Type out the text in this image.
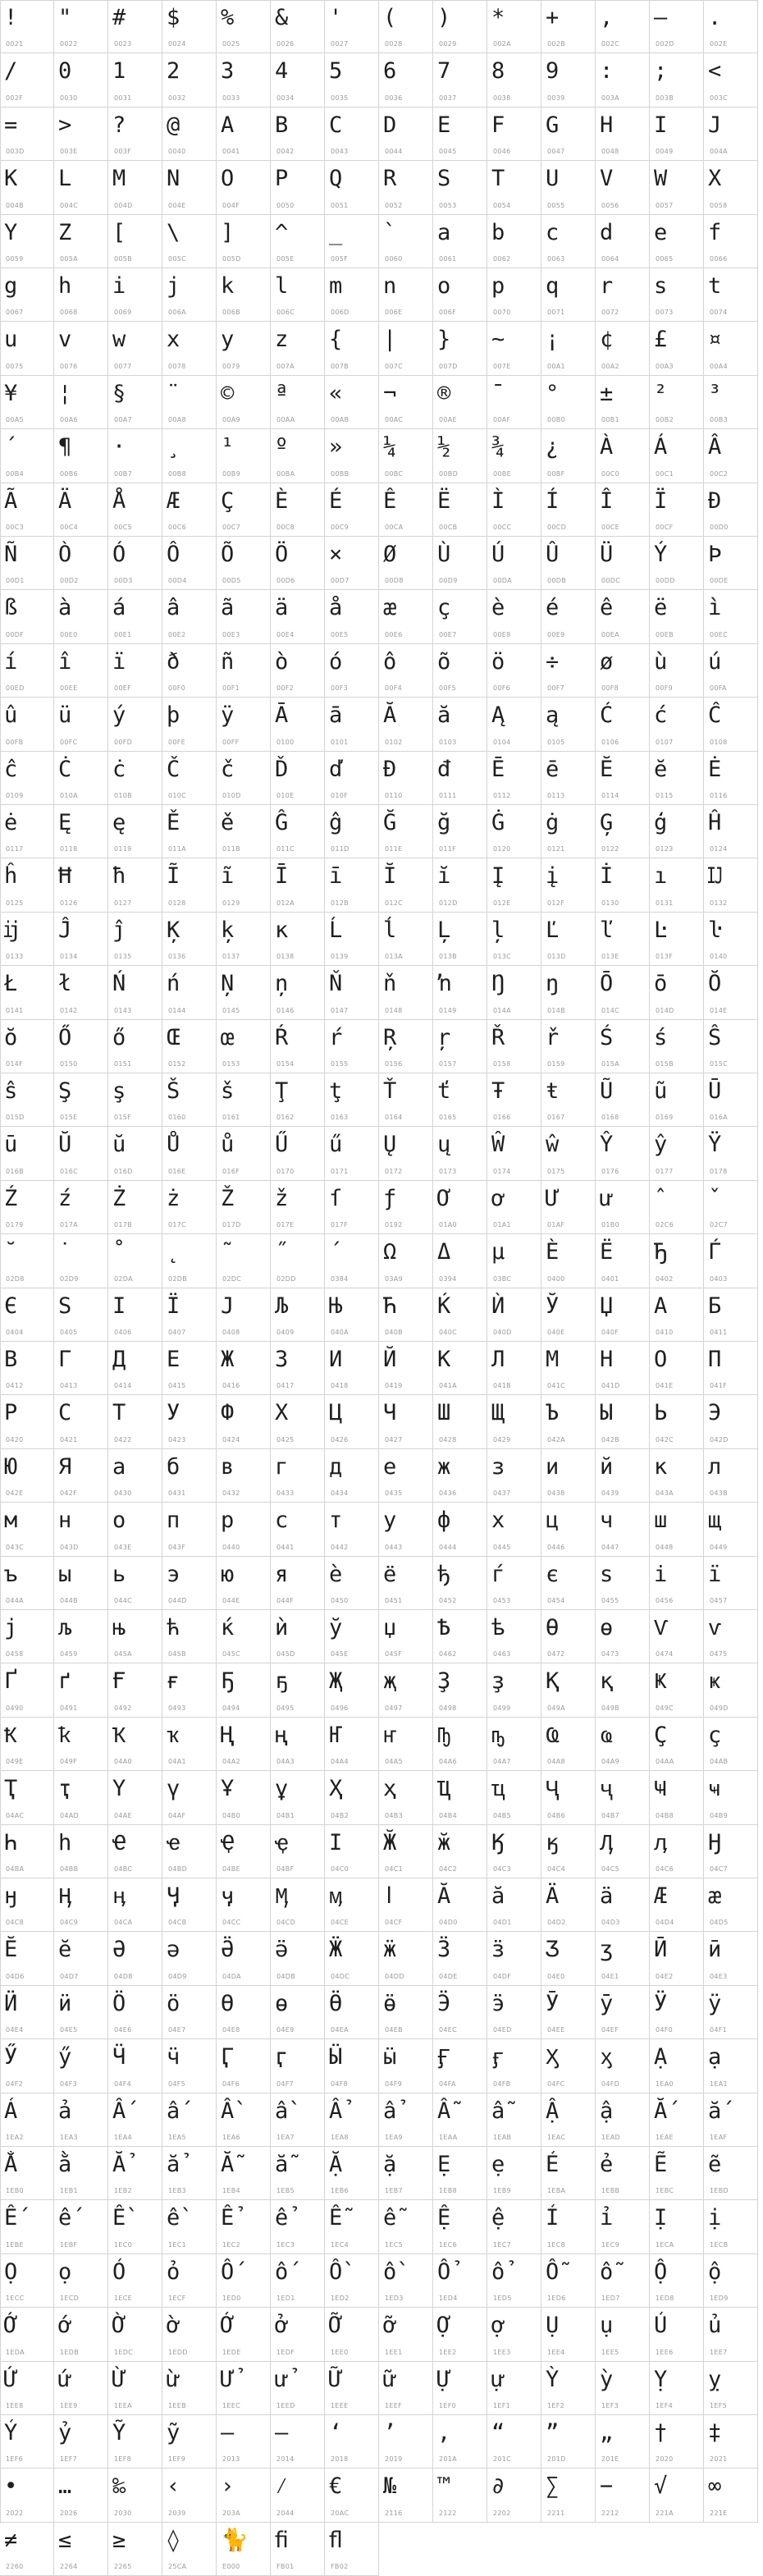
!
0021
"
0022
#
0023
$
0024
%
0025
&
0026
'
0027
(
0028
)
0029
*
002A
+
002B
,
002C
–
002D
.
002E
/
002F
0
0030
1
0031
2
0032
3
0033
4
0034
5
0035
6
0036
7
0037
8
0038
9
0039
:
003A
;
003B
<
003C
=
003D
>
003E
?
003F
@
0040
A
0041
B
0042
C
0043
D
0044
E
0045
F
0046
G
0047
H
0048
I
0049
J
004A
K
004B
L
004C
M
004D
N
004E
O
004F
P
0050
Q
0051
R
0052
S
0053
T
0054
U
0055
V
0056
W
0057
X
0058
Y
0059
Z
005A
[
005B
\
005C
]
005D
^
005E
_
005F
`
0060
a
0061
b
0062
c
0063
d
0064
e
0065
f
0066
g
0067
h
0068
i
0069
j
006A
k
006B
l
006C
m
006D
n
006E
o
006F
p
0070
q
0071
r
0072
s
0073
t
0074
u
0075
v
0076
w
0077
x
0078
y
0079
z
007A
{
007B
|
007C
}
007D
~
007E
¡
00A1
¢
00A2
£
00A3
¤
00A4
¥
00A5
¦
00A6
§
00A7
¨
00A8
©
00A9
ª
00AA
«
00AB
¬
00AC
®
00AE
¯
00AF
°
00B0
±
00B1
²
00B2
³
00B3
´
00B4
¶
00B6
·
00B7
¸
00B8
¹
00B9
º
00BA
»
00BB
¼
00BC
½
00BD
¾
00BE
¿
00BF
À
00C0
Á
00C1
Â
00C2
Ã
00C3
Ä
00C4
Å
00C5
Æ
00C6
Ç
00C7
È
00C8
É
00C9
Ê
00CA
Ë
00CB
Ì
00CC
Í
00CD
Î
00CE
Ï
00CF
Ð
00D0
Ñ
00D1
Ò
00D2
Ó
00D3
Ô
00D4
Õ
00D5
Ö
00D6
×
00D7
Ø
00D8
Ù
00D9
Ú
00DA
Û
00DB
Ü
00DC
Ý
00DD
Þ
00DE
ß
00DF
à
00E0
á
00E1
â
00E2
ã
00E3
ä
00E4
å
00E5
æ
00E6
ç
00E7
è
00E8
é
00E9
ê
00EA
ë
00EB
ì
00EC
í
00ED
î
00EE
ï
00EF
ð
00F0
ñ
00F1
ò
00F2
ó
00F3
ô
00F4
õ
00F5
ö
00F6
÷
00F7
ø
00F8
ù
00F9
ú
00FA
û
00FB
ü
00FC
ý
00FD
þ
00FE
ÿ
00FF
Ā
0100
ā
0101
Ă
0102
ă
0103
Ą
0104
ą
0105
Ć
0106
ć
0107
Ĉ
0108
ĉ
0109
Ċ
010A
ċ
010B
Č
010C
č
010D
Ď
010E
ď
010F
Đ
0110
đ
0111
Ē
0112
ē
0113
Ĕ
0114
ĕ
0115
Ė
0116
ė
0117
Ę
0118
ę
0119
Ě
011A
ě
011B
Ĝ
011C
ĝ
011D
Ğ
011E
ğ
011F
Ġ
0120
ġ
0121
Ģ
0122
ģ
0123
Ĥ
0124
ĥ
0125
Ħ
0126
ħ
0127
Ĩ
0128
ĩ
0129
Ī
012A
ī
012B
Ĭ
012C
ĭ
012D
Į
012E
į
012F
İ
0130
ı
0131
Ĳ
0132
ĳ
0133
Ĵ
0134
ĵ
0135
Ķ
0136
ķ
0137
ĸ
0138
Ĺ
0139
ĺ
013A
Ļ
013B
ļ
013C
Ľ
013D
ľ
013E
Ŀ
013F
ŀ
0140
Ł
0141
ł
0142
Ń
0143
ń
0144
Ņ
0145
ņ
0146
Ň
0147
ň
0148
ŉ
0149
Ŋ
014A
ŋ
014B
Ō
014C
ō
014D
Ŏ
014E
ŏ
014F
Ő
0150
ő
0151
Œ
0152
œ
0153
Ŕ
0154
ŕ
0155
Ŗ
0156
ŗ
0157
Ř
0158
ř
0159
Ś
015A
ś
015B
Ŝ
015C
ŝ
015D
Ş
015E
ş
015F
Š
0160
š
0161
Ţ
0162
ţ
0163
Ť
0164
ť
0165
Ŧ
0166
ŧ
0167
Ũ
0168
ũ
0169
Ū
016A
ū
016B
Ŭ
016C
ŭ
016D
Ů
016E
ů
016F
Ű
0170
ű
0171
Ų
0172
ų
0173
Ŵ
0174
ŵ
0175
Ŷ
0176
ŷ
0177
Ÿ
0178
Ź
0179
ź
017A
Ż
017B
ż
017C
Ž
017D
ž
017E
ſ
017F
ƒ
0192
Ơ
01A0
ơ
01A1
Ư
01AF
ư
01B0
ˆ
02C6
ˇ
02C7
˘
02D8
˙
02D9
˚
02DA
˛
02DB
˜
02DC
˝
02DD
΄
0384
Ω
03A9
Δ
0394
μ
03BC
Ѐ
0400
Ё
0401
Ђ
0402
Ѓ
0403
Є
0404
Ѕ
0405
І
0406
Ї
0407
Ј
0408
Љ
0409
Њ
040A
Ћ
040B
Ќ
040C
Ѝ
040D
Ў
040E
Џ
040F
А
0410
Б
0411
В
0412
Г
0413
Д
0414
Е
0415
Ж
0416
З
0417
И
0418
Й
0419
К
041A
Л
041B
М
041C
Н
041D
О
041E
П
041F
Р
0420
С
0421
Т
0422
У
0423
Ф
0424
Х
0425
Ц
0426
Ч
0427
Ш
0428
Щ
0429
Ъ
042A
Ы
042B
Ь
042C
Э
042D
Ю
042E
Я
042F
а
0430
б
0431
в
0432
г
0433
д
0434
е
0435
ж
0436
з
0437
и
0438
й
0439
к
043A
л
043B
м
043C
н
043D
о
043E
п
043F
р
0440
с
0441
т
0442
у
0443
ф
0444
х
0445
ц
0446
ч
0447
ш
0448
щ
0449
ъ
044A
ы
044B
ь
044C
э
044D
ю
044E
я
044F
ѐ
0450
ё
0451
ђ
0452
ѓ
0453
є
0454
ѕ
0455
і
0456
ї
0457
ј
0458
љ
0459
њ
045A
ћ
045B
ќ
045C
ѝ
045D
ў
045E
џ
045F
Ѣ
0462
ѣ
0463
Ѳ
0472
ѳ
0473
Ѵ
0474
ѵ
0475
Ґ
0490
ґ
0491
Ғ
0492
ғ
0493
Ҕ
0494
ҕ
0495
Җ
0496
җ
0497
Ҙ
0498
ҙ
0499
Қ
049A
қ
049B
Ҝ
049C
ҝ
049D
Ҟ
049E
ҟ
049F
Ҡ
04A0
ҡ
04A1
Ң
04A2
ң
04A3
Ҥ
04A4
ҥ
04A5
Ҧ
04A6
ҧ
04A7
Ҩ
04A8
ҩ
04A9
Ҫ
04AA
ҫ
04AB
Ҭ
04AC
ҭ
04AD
Ү
04AE
ү
04AF
Ұ
04B0
ұ
04B1
Ҳ
04B2
ҳ
04B3
Ҵ
04B4
ҵ
04B5
Ҷ
04B6
ҷ
04B7
Ҹ
04B8
ҹ
04B9
Һ
04BA
һ
04BB
Ҽ
04BC
ҽ
04BD
Ҿ
04BE
ҿ
04BF
Ӏ
04C0
Ӂ
04C1
ӂ
04C2
Ӄ
04C3
ӄ
04C4
Ӆ
04C5
ӆ
04C6
Ӈ
04C7
ӈ
04C8
Ӊ
04C9
ӊ
04CA
Ӌ
04CB
ӌ
04CC
Ӎ
04CD
ӎ
04CE
ӏ
04CF
Ӑ
04D0
ӑ
04D1
Ӓ
04D2
ӓ
04D3
Ӕ
04D4
ӕ
04D5
Ӗ
04D6
ӗ
04D7
Ә
04D8
ә
04D9
Ӛ
04DA
ӛ
04DB
Ӝ
04DC
ӝ
04DD
Ӟ
04DE
ӟ
04DF
Ӡ
04E0
ӡ
04E1
Ӣ
04E2
ӣ
04E3
Ӥ
04E4
ӥ
04E5
Ӧ
04E6
ӧ
04E7
Ө
04E8
ө
04E9
Ӫ
04EA
ӫ
04EB
Ӭ
04EC
ӭ
04ED
Ӯ
04EE
ӯ
04EF
Ӱ
04F0
ӱ
04F1
Ӳ
04F2
ӳ
04F3
Ӵ
04F4
ӵ
04F5
Ӷ
04F6
ӷ
04F7
Ӹ
04F8
ӹ
04F9
Ӻ
04FA
ӻ
04FB
Ӽ
04FC
ӽ
04FD
Ạ
1EA0
ạ
1EA1
Ả
1EA2
ả
1EA3
Ấ
1EA4
ấ
1EA5
Ầ
1EA6
ầ
1EA7
Ẩ
1EA8
ẩ
1EA9
Ẫ
1EAA
ẫ
1EAB
Ậ
1EAC
ậ
1EAD
Ắ
1EAE
ắ
1EAF
Ằ
1EB0
ằ
1EB1
Ẳ
1EB2
ẳ
1EB3
Ẵ
1EB4
ẵ
1EB5
Ặ
1EB6
ặ
1EB7
Ẹ
1EB8
ẹ
1EB9
Ẻ
1EBA
ẻ
1EBB
Ẽ
1EBC
ẽ
1EBD
Ế
1EBE
ế
1EBF
Ề
1EC0
ề
1EC1
Ể
1EC2
ể
1EC3
Ễ
1EC4
ễ
1EC5
Ệ
1EC6
ệ
1EC7
Ỉ
1EC8
ỉ
1EC9
Ị
1ECA
ị
1ECB
Ọ
1ECC
ọ
1ECD
Ỏ
1ECE
ỏ
1ECF
Ố
1ED0
ố
1ED1
Ồ
1ED2
ồ
1ED3
Ổ
1ED4
ổ
1ED5
Ỗ
1ED6
ỗ
1ED7
Ộ
1ED8
ộ
1ED9
Ớ
1EDA
ớ
1EDB
Ờ
1EDC
ờ
1EDD
Ở
1EDE
ở
1EDF
Ỡ
1EE0
ỡ
1EE1
Ợ
1EE2
ợ
1EE3
Ụ
1EE4
ụ
1EE5
Ủ
1EE6
ủ
1EE7
Ứ
1EE8
ứ
1EE9
Ừ
1EEA
ừ
1EEB
Ử
1EEC
ử
1EED
Ữ
1EEE
ữ
1EEF
Ự
1EF0
ự
1EF1
Ỳ
1EF2
ỳ
1EF3
Ỵ
1EF4
ỵ
1EF5
Ỷ
1EF6
ỷ
1EF7
Ỹ
1EF8
ỹ
1EF9
–
2013
—
2014
‘
2018
’
2019
‚
201A
“
201C
”
201D
„
201E
†
2020
‡
2021
•
2022
…
2026
‰
2030
‹
2039
›
203A
⁄
2044
€
20AC
№
2116
™
2122
∂
2202
∑
2211
−
2212
√
221A
∞
221E
≠
2260
≤
2264
≥
2265
◊
25CA
🐈
E000
ﬁ
FB01
ﬂ
FB02
